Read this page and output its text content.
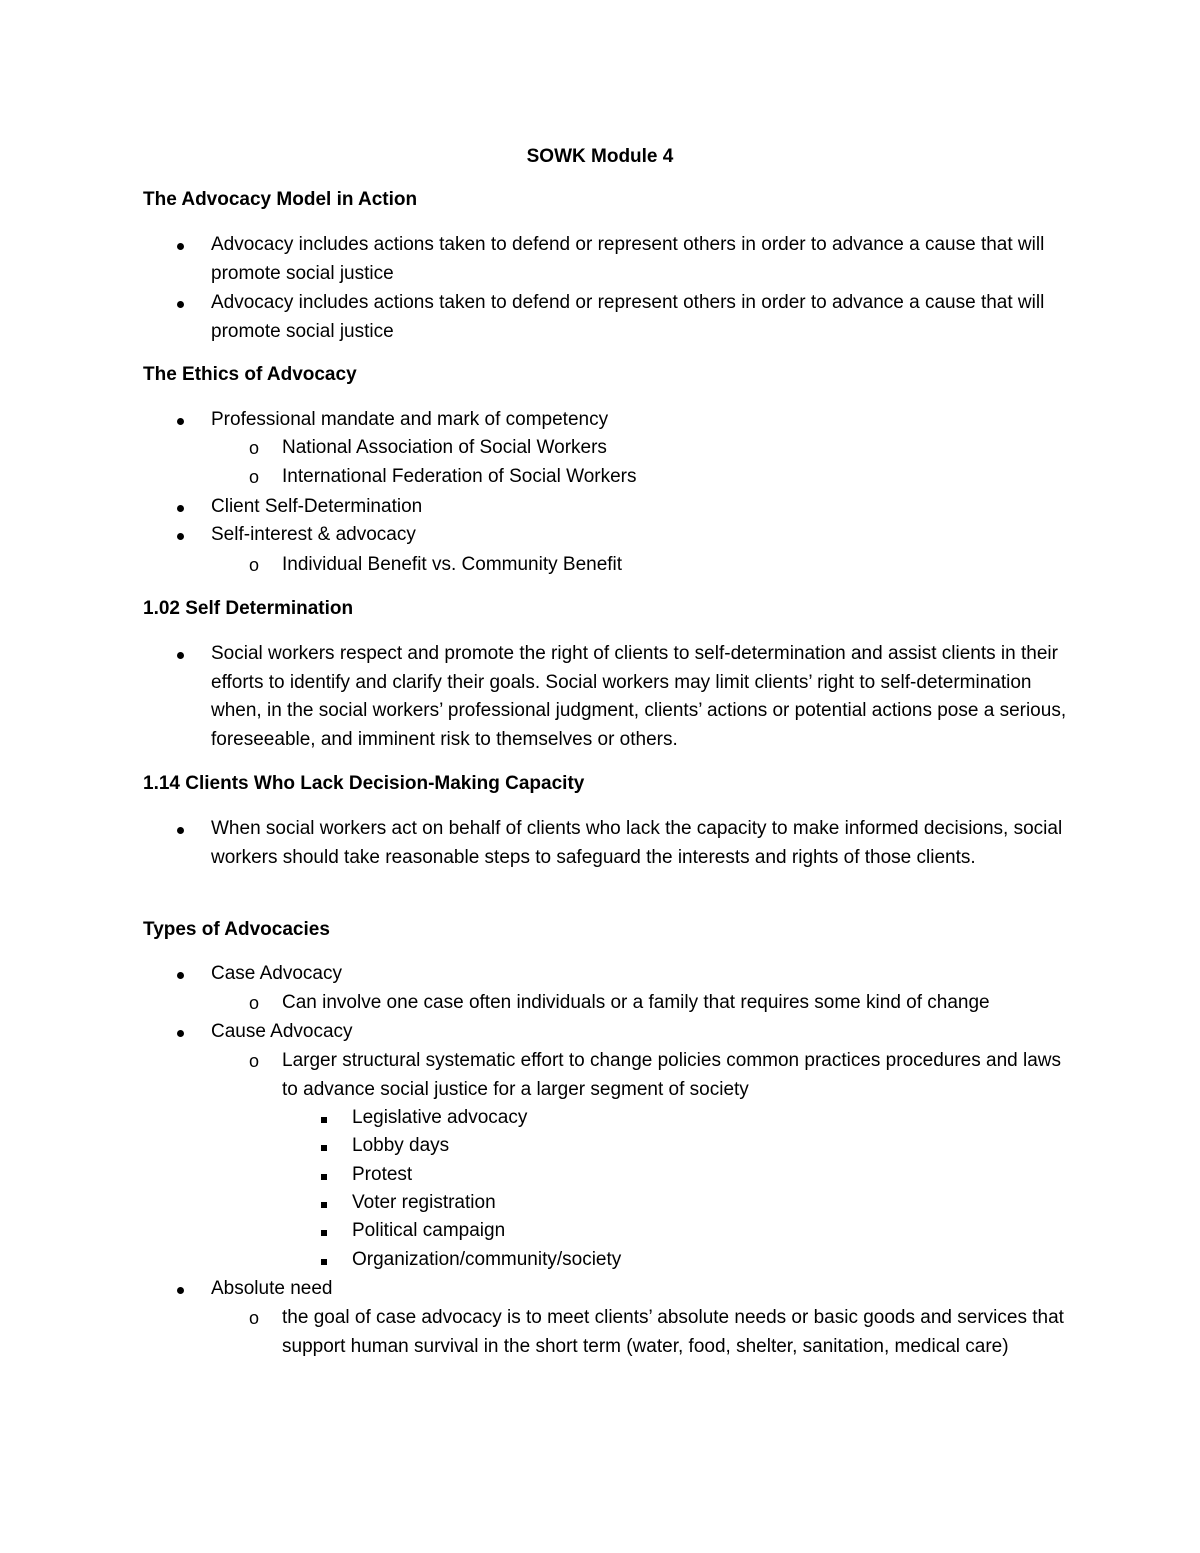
SOWK Module 4
The Advocacy Model in Action
Advocacy includes actions taken to defend or represent others in order to advance a cause that will promote social justice
Advocacy includes actions taken to defend or represent others in order to advance a cause that will promote social justice
The Ethics of Advocacy
Professional mandate and mark of competency
o National Association of Social Workers
o International Federation of Social Workers
Client Self-Determination
Self-interest & advocacy
o Individual Benefit vs. Community Benefit
1.02 Self Determination
Social workers respect and promote the right of clients to self-determination and assist clients in their efforts to identify and clarify their goals. Social workers may limit clients’ right to self-determination when, in the social workers’ professional judgment, clients’ actions or potential actions pose a serious, foreseeable, and imminent risk to themselves or others.
1.14 Clients Who Lack Decision-Making Capacity
When social workers act on behalf of clients who lack the capacity to make informed decisions, social workers should take reasonable steps to safeguard the interests and rights of those clients.
Types of Advocacies
Case Advocacy
o Can involve one case often individuals or a family that requires some kind of change
Cause Advocacy
o Larger structural systematic effort to change policies common practices procedures and laws to advance social justice for a larger segment of society
Legislative advocacy
Lobby days
Protest
Voter registration
Political campaign
Organization/community/society
Absolute need
o the goal of case advocacy is to meet clients’ absolute needs or basic goods and services that support human survival in the short term (water, food, shelter, sanitation, medical care)
